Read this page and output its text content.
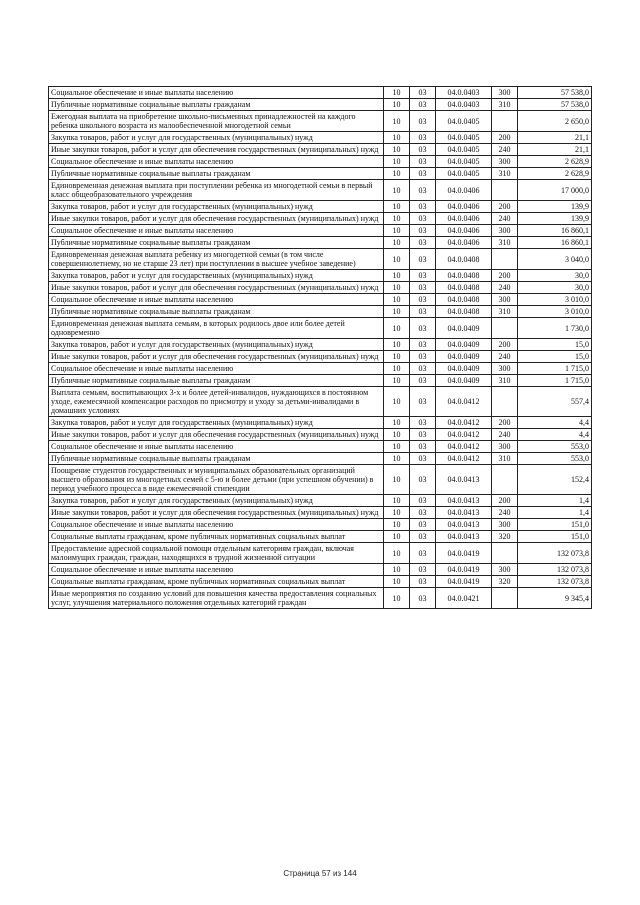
Социальное обеспечение и иные выплаты населению	10	03	04.0.0403	300	57 538,0
Публичные нормативные социальные выплаты гражданам	10	03	04.0.0403	310	57 538,0
Ежегодная выплата на приобретение школьно-письменных принадлежностей на каждого ребенка школьного возраста из малообеспеченной многодетной семьи	10	03	04.0.0405		2 650,0
Закупка товаров, работ и услуг для государственных (муниципальных) нужд	10	03	04.0.0405	200	21,1
Иные закупки товаров, работ и услуг для обеспечения государственных (муниципальных) нужд	10	03	04.0.0405	240	21,1
Социальное обеспечение и иные выплаты населению	10	03	04.0.0405	300	2 628,9
Публичные нормативные социальные выплаты гражданам	10	03	04.0.0405	310	2 628,9
Единовременная денежная выплата при поступлении ребенка из многодетной семьи в первый класс общеобразовательного учреждения	10	03	04.0.0406		17 000,0
Закупка товаров, работ и услуг для государственных (муниципальных) нужд	10	03	04.0.0406	200	139,9
Иные закупки товаров, работ и услуг для обеспечения государственных (муниципальных) нужд	10	03	04.0.0406	240	139,9
Социальное обеспечение и иные выплаты населению	10	03	04.0.0406	300	16 860,1
Публичные нормативные социальные выплаты гражданам	10	03	04.0.0406	310	16 860,1
Единовременная денежная выплата ребенку из многодетной семьи (в том числе совершеннолетнему, но не старше 23 лет) при поступлении в высшее учебное заведение)	10	03	04.0.0408		3 040,0
Закупка товаров, работ и услуг для государственных (муниципальных) нужд	10	03	04.0.0408	200	30,0
Иные закупки товаров, работ и услуг для обеспечения государственных (муниципальных) нужд	10	03	04.0.0408	240	30,0
Социальное обеспечение и иные выплаты населению	10	03	04.0.0408	300	3 010,0
Публичные нормативные социальные выплаты гражданам	10	03	04.0.0408	310	3 010,0
Единовременная денежная выплата семьям, в которых родилось двое или более детей одновременно	10	03	04.0.0409		1 730,0
Закупка товаров, работ и услуг для государственных (муниципальных) нужд	10	03	04.0.0409	200	15,0
Иные закупки товаров, работ и услуг для обеспечения государственных (муниципальных) нужд	10	03	04.0.0409	240	15,0
Социальное обеспечение и иные выплаты населению	10	03	04.0.0409	300	1 715,0
Публичные нормативные социальные выплаты гражданам	10	03	04.0.0409	310	1 715,0
Выплата семьям, воспитывающих 3-х и более детей-инвалидов, нуждающихся в постоянном уходе, ежемесячной компенсации расходов по присмотру и уходу за детьми-инвалидами в домашних условиях	10	03	04.0.0412		557,4
Закупка товаров, работ и услуг для государственных (муниципальных) нужд	10	03	04.0.0412	200	4,4
Иные закупки товаров, работ и услуг для обеспечения государственных (муниципальных) нужд	10	03	04.0.0412	240	4,4
Социальное обеспечение и иные выплаты населению	10	03	04.0.0412	300	553,0
Публичные нормативные социальные выплаты гражданам	10	03	04.0.0412	310	553,0
Поощрение студентов государственных и муниципальных образовательных организаций высшего образования из многодетных семей с 5-ю и более детьми (при успешном обучении) в период учебного процесса в виде ежемесячной стипендии	10	03	04.0.0413		152,4
Закупка товаров, работ и услуг для государственных (муниципальных) нужд	10	03	04.0.0413	200	1,4
Иные закупки товаров, работ и услуг для обеспечения государственных (муниципальных) нужд	10	03	04.0.0413	240	1,4
Социальное обеспечение и иные выплаты населению	10	03	04.0.0413	300	151,0
Социальные выплаты гражданам, кроме публичных нормативных социальных выплат	10	03	04.0.0413	320	151,0
Предоставление адресной социальной помощи отдельным категориям граждан, включая малоимущих граждан, граждан, находящихся в трудной жизненной ситуации	10	03	04.0.0419		132 073,8
Социальное обеспечение и иные выплаты населению	10	03	04.0.0419	300	132 073,8
Социальные выплаты гражданам, кроме публичных нормативных социальных выплат	10	03	04.0.0419	320	132 073,8
Иные мероприятия по созданию условий для повышения качества предоставления социальных услуг, улучшения материального положения отдельных категорий граждан	10	03	04.0.0421		9 345,4
Страница 57 из 144
